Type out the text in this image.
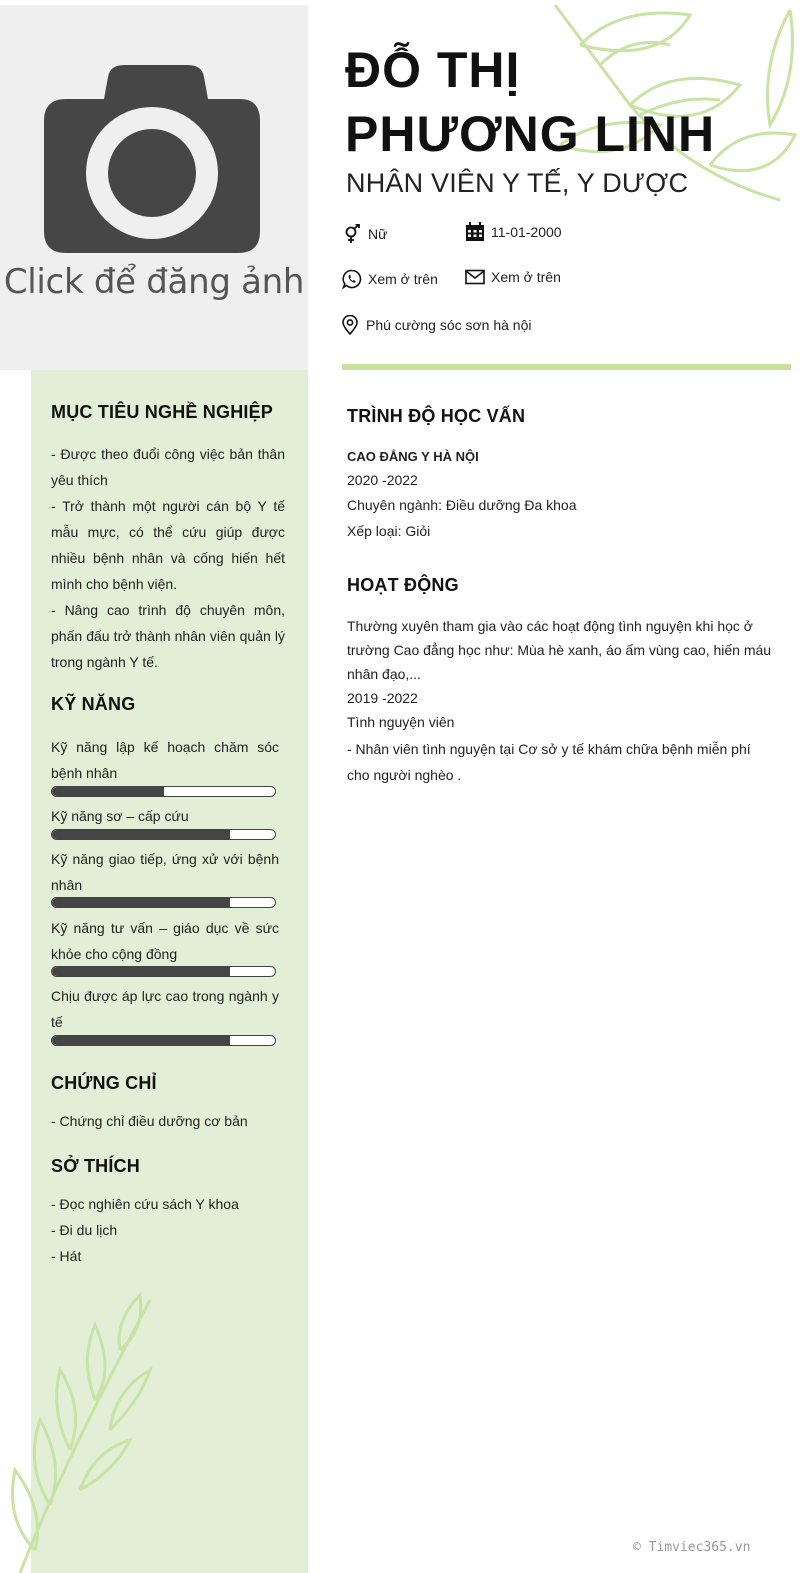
Click để đăng ảnh
MỤC TIÊU NGHỀ NGHIỆP
- Được theo đuổi công việc bản thân yêu thích
- Trở thành một người cán bộ Y tế mẫu mực, có thể cứu giúp được nhiều bệnh nhân và cống hiến hết mình cho bệnh viện.
- Nâng cao trình độ chuyên môn, phấn đấu trở thành nhân viên quản lý trong ngành Y tế.
KỸ NĂNG
Kỹ năng lập kế hoạch chăm sóc bệnh nhân
Kỹ năng sơ – cấp cứu
Kỹ năng giao tiếp, ứng xử với bệnh nhân
Kỹ năng tư vấn – giáo dục về sức khỏe cho cộng đồng
Chịu được áp lực cao trong ngành y tế
CHỨNG CHỈ
- Chứng chỉ điều dưỡng cơ bản
SỞ THÍCH
- Đọc nghiên cứu sách Y khoa
- Đi du lịch
- Hát
ĐỖ THỊ
PHƯƠNG LINH
NHÂN VIÊN Y TẾ, Y DƯỢC
Nữ	11-01-2000
Xem ở trên	Xem ở trên
Phú cường sóc sơn hà nội
TRÌNH ĐỘ HỌC VẤN
CAO ĐẲNG Y HÀ NỘI
2020 -2022
Chuyên ngành: Điều dưỡng Đa khoa
Xếp loại: Giỏi
HOẠT ĐỘNG
Thường xuyên tham gia vào các hoạt động tình nguyện khi học ở trường Cao đẳng học như: Mùa hè xanh, áo ấm vùng cao, hiến máu nhân đạo,...
2019 -2022
Tình nguyện viên
- Nhân viên tình nguyện tại Cơ sở y tế khám chữa bệnh miễn phí cho người nghèo .
© Timviec365.vn
